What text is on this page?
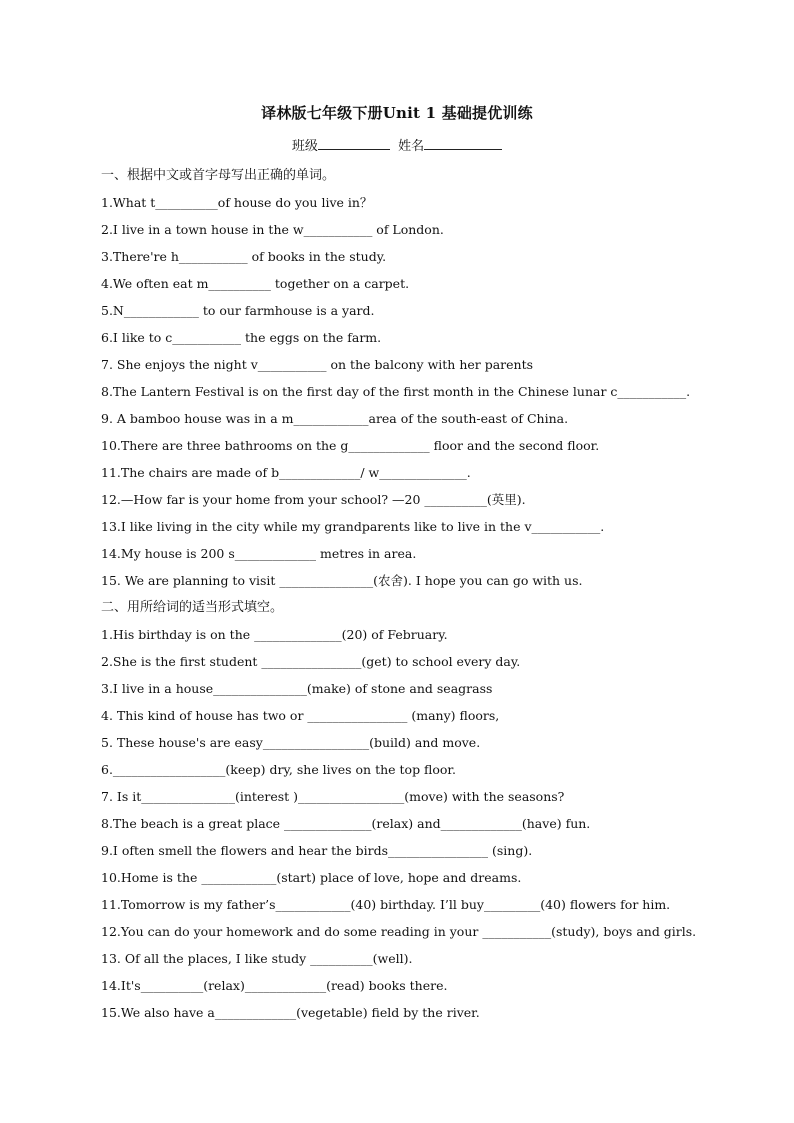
译林版七年级下册Unit 1 基础提优训练
班级	姓名
一、根据中文或首字母写出正确的单词。
1.What t__________of house do you live in？
2.I live in a town house in the w___________ of London.
3.There're h___________ of books in the study.
4.We often eat m__________ together on a carpet.
5.N____________ to our farmhouse is a yard.
6.I like to c___________ the eggs on the farm.
7. She enjoys the night v___________ on the balcony with her parents
8.The Lantern Festival is on the first day of the first month in the Chinese lunar c___________.
9. A bamboo house was in a m____________area of the south-east of China.
10.There are three bathrooms on the g_____________ floor and the second floor.
11.The chairs are made of b_____________/ w______________.
12.—How far is your home from your school? —20 __________(英里).
13.I like living in the city while my grandparents like to live in the v___________.
14.My house is 200 s_____________ metres in area.
15. We are planning to visit _______________(农舍). I hope you can go with us.
二、用所给词的适当形式填空。
1.His birthday is on the ______________(20) of February.
2.She is the first student ________________(get) to school every day.
3.I live in a house_______________(make) of stone and seagrass
4. This kind of house has two or ________________ (many) floors,
5. These house's are easy_________________(build) and move.
6.__________________(keep) dry, she lives on the top floor.
7. Is it_______________(interest )_________________(move) with the seasons?
8.The beach is a great place ______________(relax) and_____________(have) fun.
9.I often smell the flowers and hear the birds________________ (sing).
10.Home is the ____________(start) place of love, hope and dreams.
11.Tomorrow is my father’s____________(40) birthday. I’ll buy_________(40) flowers for him.
12.You can do your homework and do some reading in your ___________(study), boys and girls.
13. Of all the places, I like study __________(well).
14.It's__________(relax)_____________(read) books there.
15.We also have a_____________(vegetable) field by the river.
